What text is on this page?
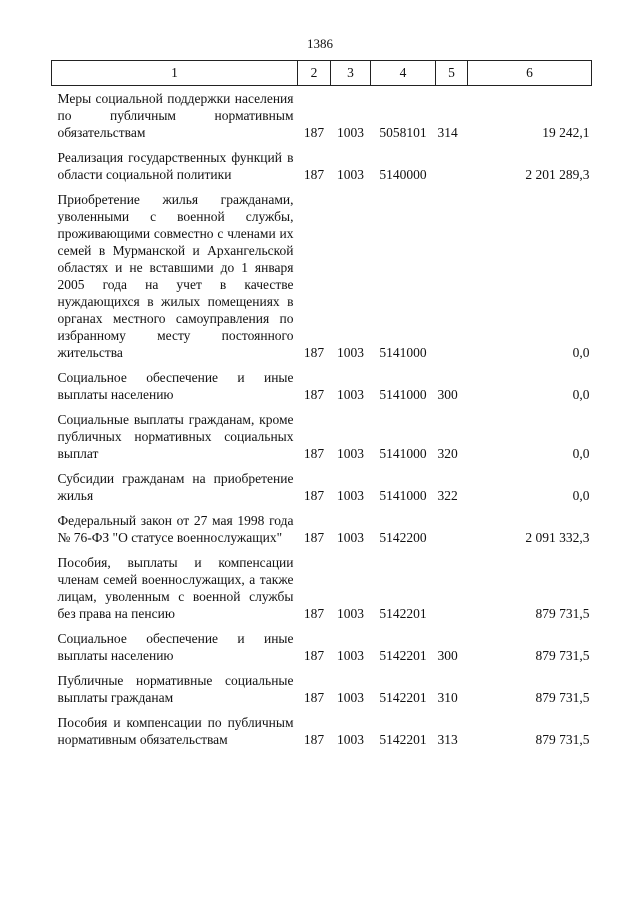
1386
1	2	3	4	5	6
Меры социальной поддержки населения по публичным нормативным обязательствам	187	1003	5058101	314	19 242,1
Реализация государственных функций в области социальной политики	187	1003	5140000		2 201 289,3
Приобретение жилья гражданами, уволенными с военной службы, проживающими совместно с членами их семей в Мурманской и Архангельской областях и не вставшими до 1 января 2005 года на учет в качестве нуждающихся в жилых помещениях в органах местного самоуправления по избранному месту постоянного жительства	187	1003	5141000		0,0
Социальное обеспечение и иные выплаты населению	187	1003	5141000	300	0,0
Социальные выплаты гражданам, кроме публичных нормативных социальных выплат	187	1003	5141000	320	0,0
Субсидии гражданам на приобретение жилья	187	1003	5141000	322	0,0
Федеральный закон от 27 мая 1998 года № 76-ФЗ "О статусе военнослужащих"	187	1003	5142200		2 091 332,3
Пособия, выплаты и компенсации членам семей военнослужащих, а также лицам, уволенным с военной службы без права на пенсию	187	1003	5142201		879 731,5
Социальное обеспечение и иные выплаты населению	187	1003	5142201	300	879 731,5
Публичные нормативные социальные выплаты гражданам	187	1003	5142201	310	879 731,5
Пособия и компенсации по публичным нормативным обязательствам	187	1003	5142201	313	879 731,5
